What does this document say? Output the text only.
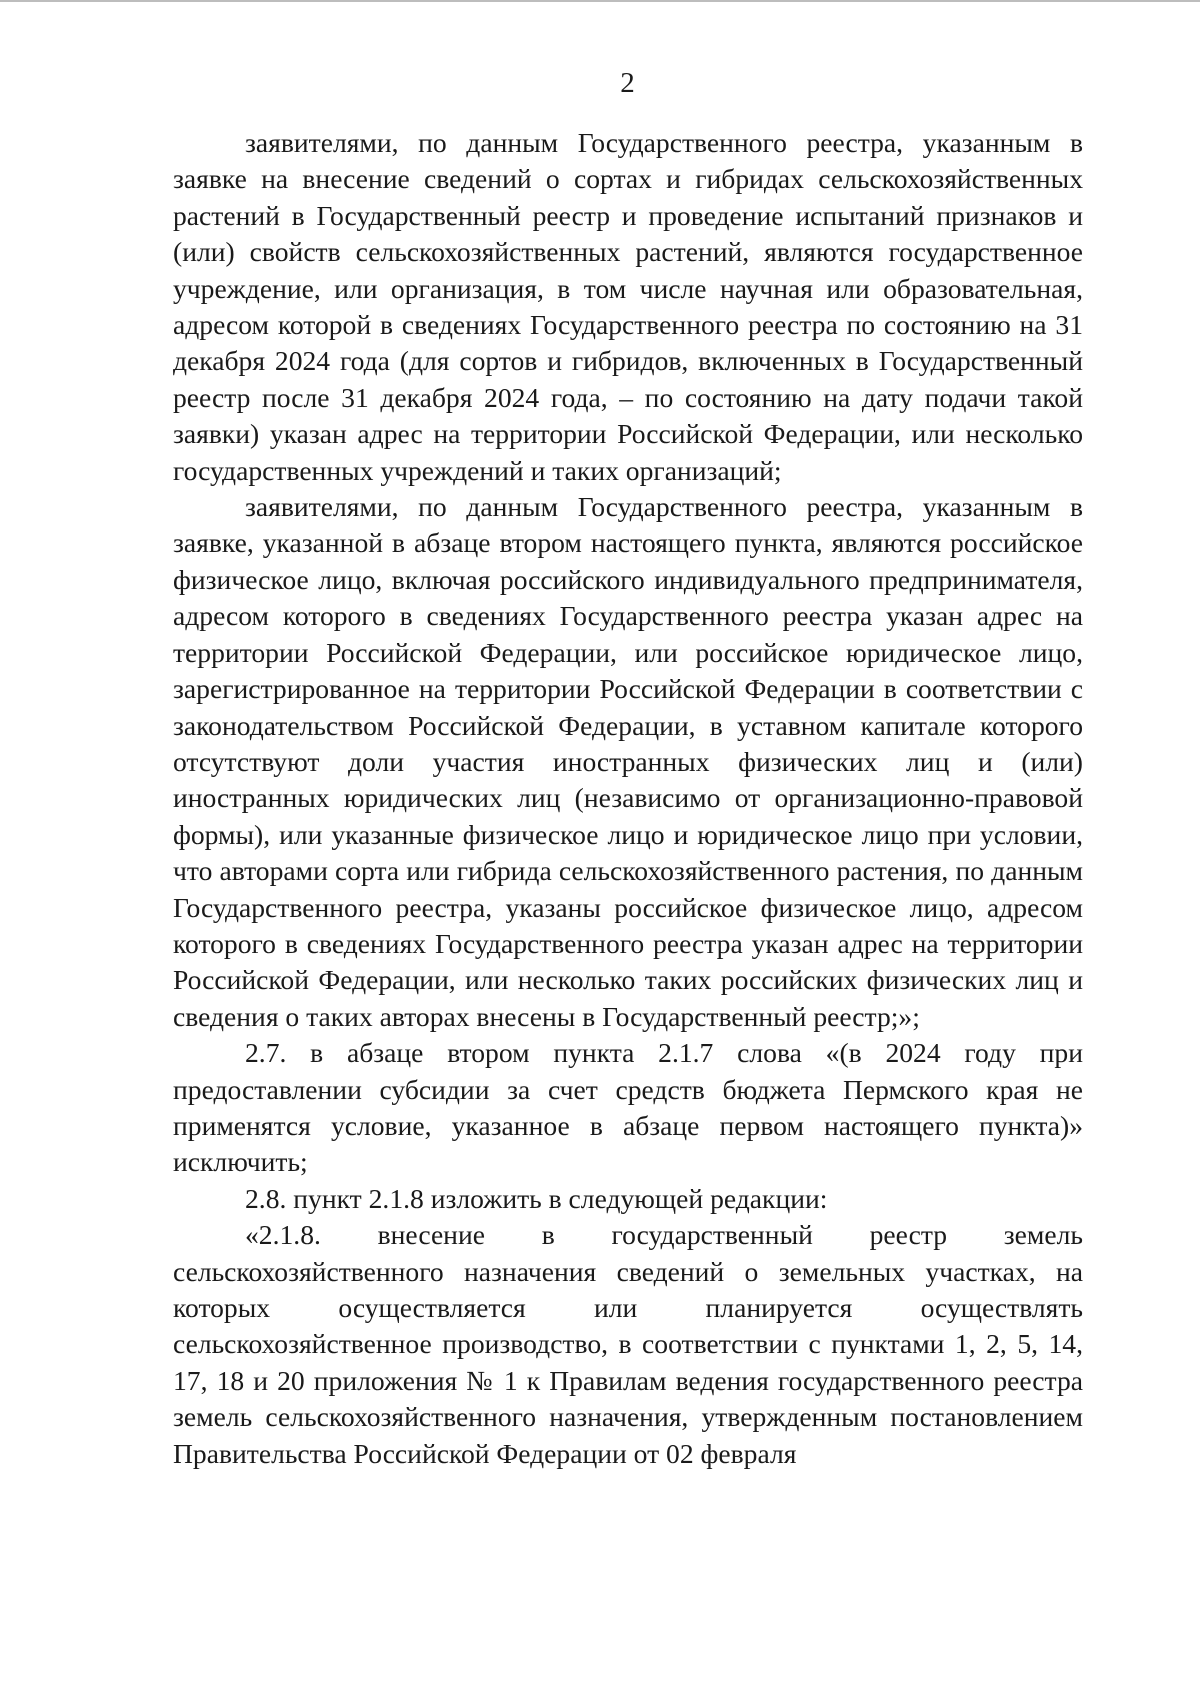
2

заявителями, по данным Государственного реестра, указанным в заявке на внесение сведений о сортах и гибридах сельскохозяйственных растений в Государственный реестр и проведение испытаний признаков и (или) свойств сельскохозяйственных растений, являются государственное учреждение, или организация, в том числе научная или образовательная, адресом которой в сведениях Государственного реестра по состоянию на 31 декабря 2024 года (для сортов и гибридов, включенных в Государственный реестр после 31 декабря 2024 года, – по состоянию на дату подачи такой заявки) указан адрес на территории Российской Федерации, или несколько государственных учреждений и таких организаций;

заявителями, по данным Государственного реестра, указанным в заявке, указанной в абзаце втором настоящего пункта, являются российское физическое лицо, включая российского индивидуального предпринимателя, адресом которого в сведениях Государственного реестра указан адрес на территории Российской Федерации, или российское юридическое лицо, зарегистрированное на территории Российской Федерации в соответствии с законодательством Российской Федерации, в уставном капитале которого отсутствуют доли участия иностранных физических лиц и (или) иностранных юридических лиц (независимо от организационно-правовой формы), или указанные физическое лицо и юридическое лицо при условии, что авторами сорта или гибрида сельскохозяйственного растения, по данным Государственного реестра, указаны российское физическое лицо, адресом которого в сведениях Государственного реестра указан адрес на территории Российской Федерации, или несколько таких российских физических лиц и сведения о таких авторах внесены в Государственный реестр;»;

2.7. в абзаце втором пункта 2.1.7 слова «(в 2024 году при предоставлении субсидии за счет средств бюджета Пермского края не применятся условие, указанное в абзаце первом настоящего пункта)» исключить;

2.8. пункт 2.1.8 изложить в следующей редакции:

«2.1.8. внесение в государственный реестр земель сельскохозяйственного назначения сведений о земельных участках, на которых осуществляется или планируется осуществлять сельскохозяйственное производство, в соответствии с пунктами 1, 2, 5, 14, 17, 18 и 20 приложения № 1 к Правилам ведения государственного реестра земель сельскохозяйственного назначения, утвержденным постановлением Правительства Российской Федерации от 02 февраля
